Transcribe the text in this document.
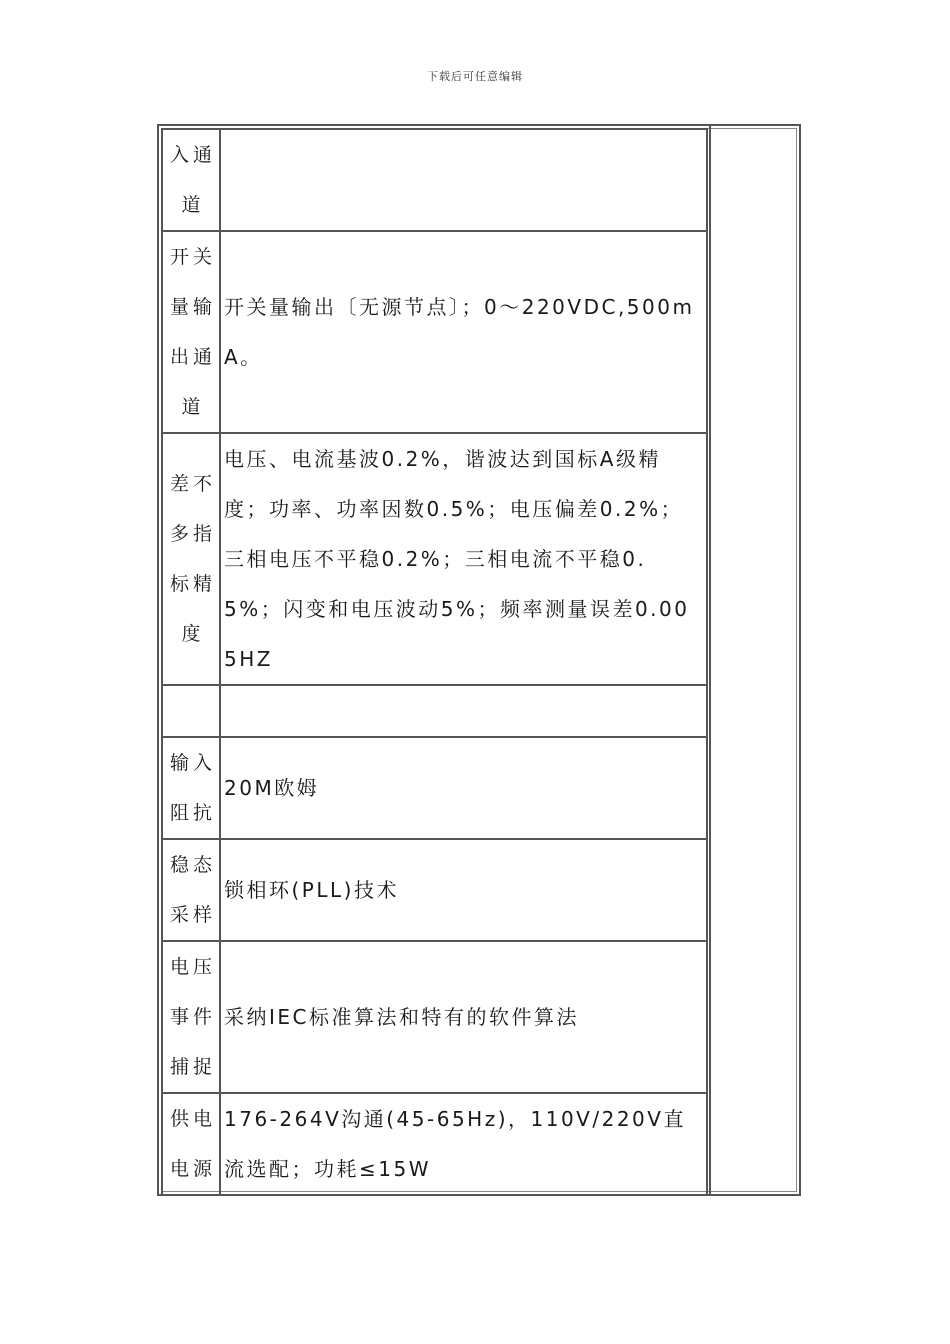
下载后可任意编辑
入通道	
开关量输出通道	开关量输出〔无源节点〕；0～220VDC,500mA。
差不多指标精度	电压、电流基波0.2%，谐波达到国标A级精度；功率、功率因数0.5%；电压偏差0.2%；三相电压不平稳0.2%；三相电流不平稳0.5%；闪变和电压波动5%；频率测量误差0.005HZ

输入阻抗	20M欧姆
稳态采样	锁相环(PLL)技术
电压事件捕捉	采纳IEC标准算法和特有的软件算法
供电电源	176-264V沟通(45-65Hz)，110V/220V直流选配；功耗≤15W
